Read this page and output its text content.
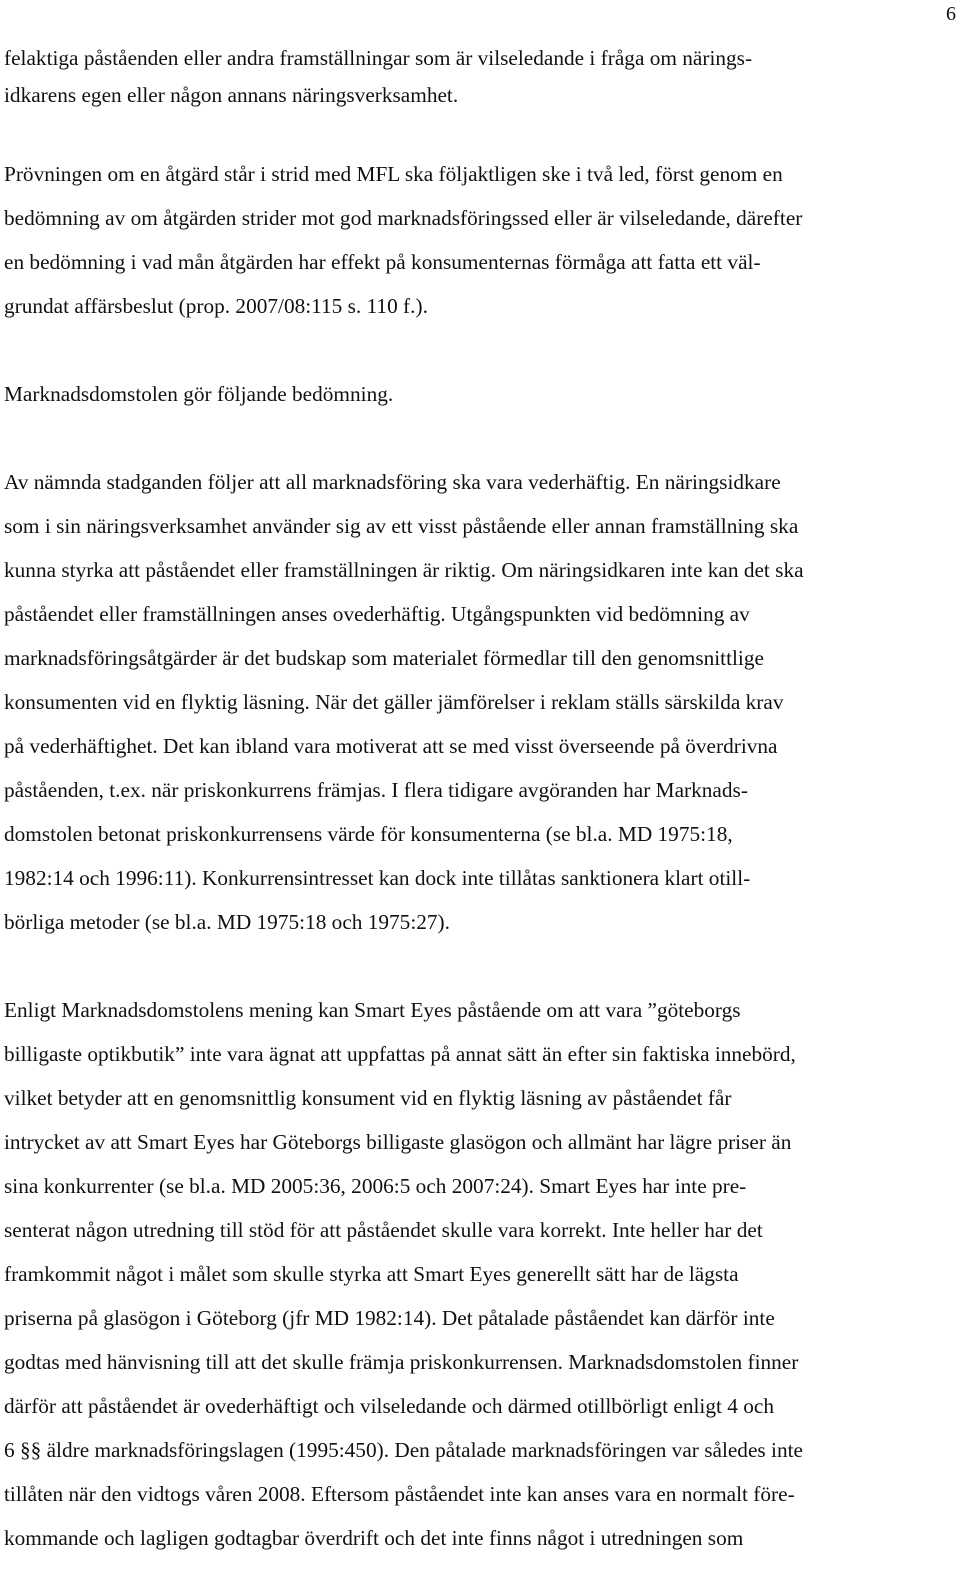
6
felaktiga påståenden eller andra framställningar som är vilseledande i fråga om närings-
idkarens egen eller någon annans näringsverksamhet.
Prövningen om en åtgärd står i strid med MFL ska följaktligen ske i två led, först genom en
bedömning av om åtgärden strider mot god marknadsföringssed eller är vilseledande, därefter
en bedömning i vad mån åtgärden har effekt på konsumenternas förmåga att fatta ett väl-
grundat affärsbeslut (prop. 2007/08:115 s. 110 f.).
Marknadsdomstolen gör följande bedömning.
Av nämnda stadganden följer att all marknadsföring ska vara vederhäftig. En näringsidkare
som i sin näringsverksamhet använder sig av ett visst påstående eller annan framställning ska
kunna styrka att påståendet eller framställningen är riktig. Om näringsidkaren inte kan det ska
påståendet eller framställningen anses ovederhäftig. Utgångspunkten vid bedömning av
marknadsföringsåtgärder är det budskap som materialet förmedlar till den genomsnittlige
konsumenten vid en flyktig läsning. När det gäller jämförelser i reklam ställs särskilda krav
på vederhäftighet. Det kan ibland vara motiverat att se med visst överseende på överdrivna
påståenden, t.ex. när priskonkurrens främjas. I flera tidigare avgöranden har Marknads-
domstolen betonat priskonkurrensens värde för konsumenterna (se bl.a. MD 1975:18,
1982:14 och 1996:11). Konkurrensintresset kan dock inte tillåtas sanktionera klart otill-
börliga metoder (se bl.a. MD 1975:18 och 1975:27).
Enligt Marknadsdomstolens mening kan Smart Eyes påstående om att vara ”göteborgs
billigaste optikbutik” inte vara ägnat att uppfattas på annat sätt än efter sin faktiska innebörd,
vilket betyder att en genomsnittlig konsument vid en flyktig läsning av påståendet får
intrycket av att Smart Eyes har Göteborgs billigaste glasögon och allmänt har lägre priser än
sina konkurrenter (se bl.a. MD 2005:36, 2006:5 och 2007:24). Smart Eyes har inte pre-
senterat någon utredning till stöd för att påståendet skulle vara korrekt. Inte heller har det
framkommit något i målet som skulle styrka att Smart Eyes generellt sätt har de lägsta
priserna på glasögon i Göteborg (jfr MD 1982:14). Det påtalade påståendet kan därför inte
godtas med hänvisning till att det skulle främja priskonkurrensen. Marknadsdomstolen finner
därför att påståendet är ovederhäftigt och vilseledande och därmed otillbörligt enligt 4 och
6 §§ äldre marknadsföringslagen (1995:450). Den påtalade marknadsföringen var således inte
tillåten när den vidtogs våren 2008. Eftersom påståendet inte kan anses vara en normalt före-
kommande och lagligen godtagbar överdrift och det inte finns något i utredningen som
